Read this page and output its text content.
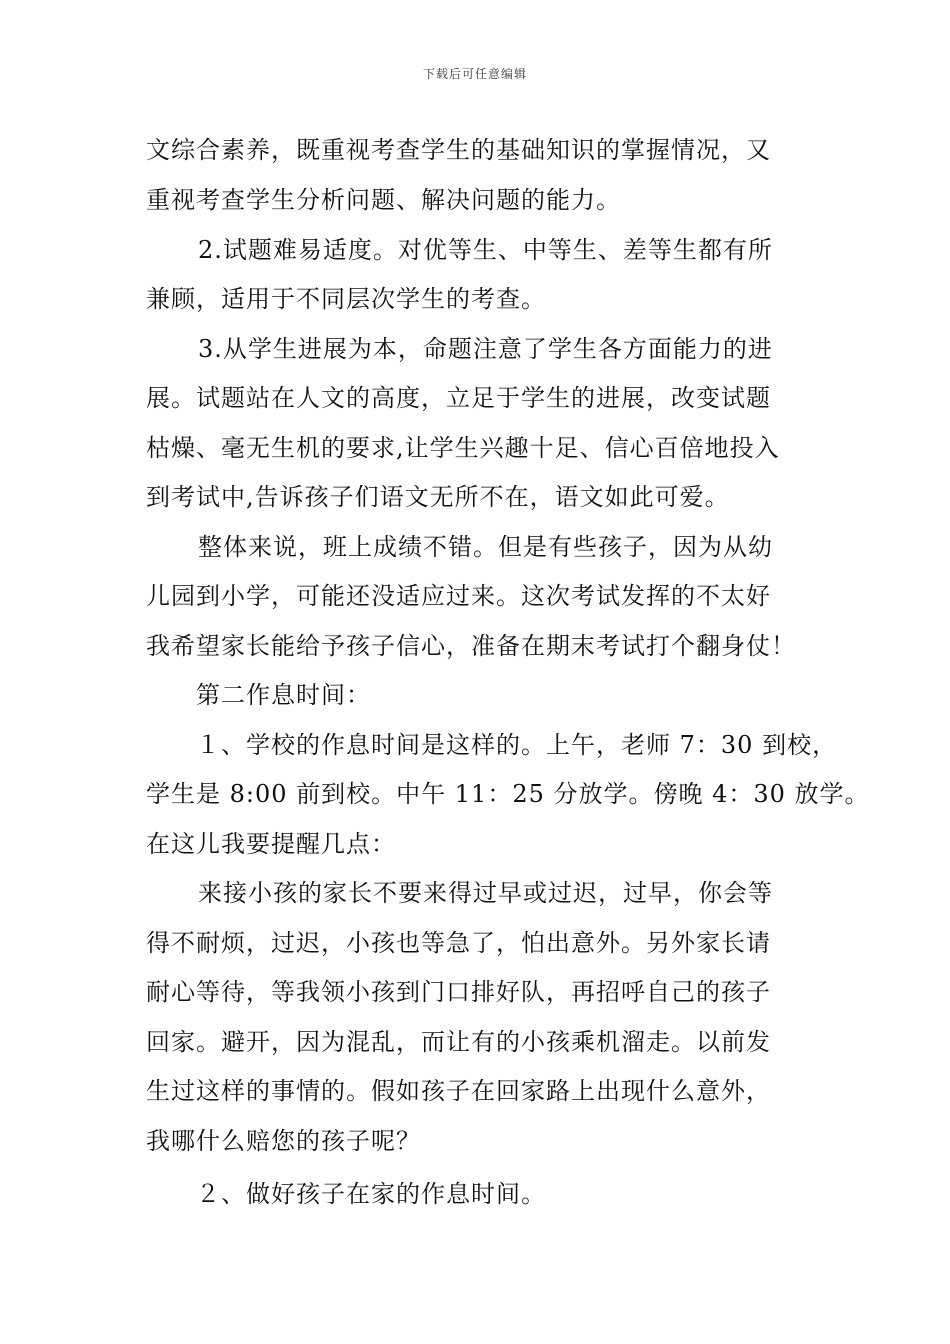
下载后可任意编辑
文综合素养，既重视考查学生的基础知识的掌握情况，又
重视考查学生分析问题、解决问题的能力。
2.试题难易适度。对优等生、中等生、差等生都有所
兼顾，适用于不同层次学生的考查。
3.从学生进展为本，命题注意了学生各方面能力的进
展。试题站在人文的高度，立足于学生的进展，改变试题
枯燥、毫无生机的要求,让学生兴趣十足、信心百倍地投入
到考试中,告诉孩子们语文无所不在，语文如此可爱。
整体来说，班上成绩不错。但是有些孩子，因为从幼
儿园到小学，可能还没适应过来。这次考试发挥的不太好
我希望家长能给予孩子信心，准备在期末考试打个翻身仗！
第二作息时间：
１、学校的作息时间是这样的。上午，老师 7：30 到校，
学生是 8:00 前到校。中午 11：25 分放学。傍晚 4：30 放学。
在这儿我要提醒几点：
来接小孩的家长不要来得过早或过迟，过早，你会等
得不耐烦，过迟，小孩也等急了，怕出意外。另外家长请
耐心等待，等我领小孩到门口排好队，再招呼自己的孩子
回家。避开，因为混乱，而让有的小孩乘机溜走。以前发
生过这样的事情的。假如孩子在回家路上出现什么意外，
我哪什么赔您的孩子呢？
２、做好孩子在家的作息时间。
